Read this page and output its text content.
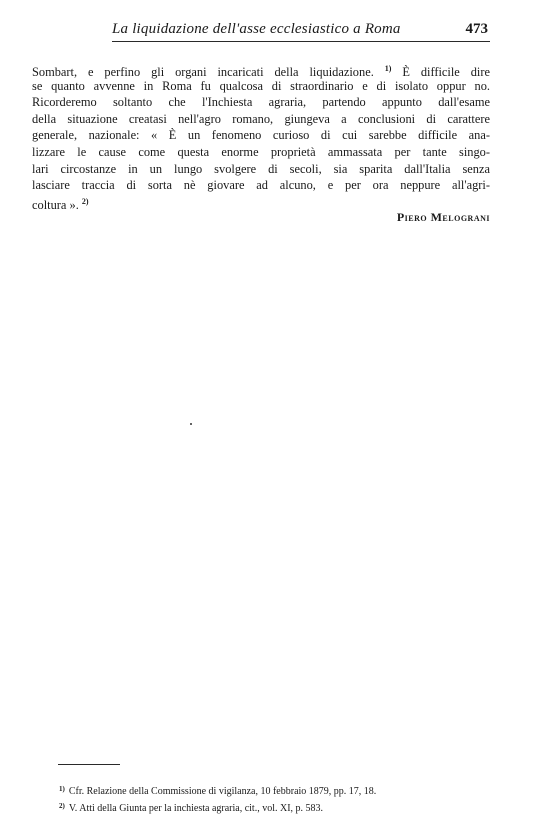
La liquidazione dell'asse ecclesiastico a Roma	473
Sombart, e perfino gli organi incaricati della liquidazione. $^{1)}$ È difficile dire
se quanto avvenne in Roma fu qualcosa di straordinario e di isolato oppur no.
Ricorderemo soltanto che l'Inchiesta agraria, partendo appunto dall'esame
della situazione creatasi nell'agro romano, giungeva a conclusioni di carattere
generale, nazionale: « È un fenomeno curioso di cui sarebbe difficile ana-
lizzare le cause come questa enorme proprietà ammassata per tante singo-
lari circostanze in un lungo svolgere di secoli, sia sparita dall'Italia senza
lasciare traccia di sorta nè giovare ad alcuno, e per ora neppure all'agri-
coltura ». $^{2)}$
Piero Melograni
$^{1)}$ Cfr. Relazione della Commissione di vigilanza, 10 febbraio 1879, pp. 17, 18.
$^{2)}$ V. Atti della Giunta per la inchiesta agraria, cit., vol. XI, p. 583.
